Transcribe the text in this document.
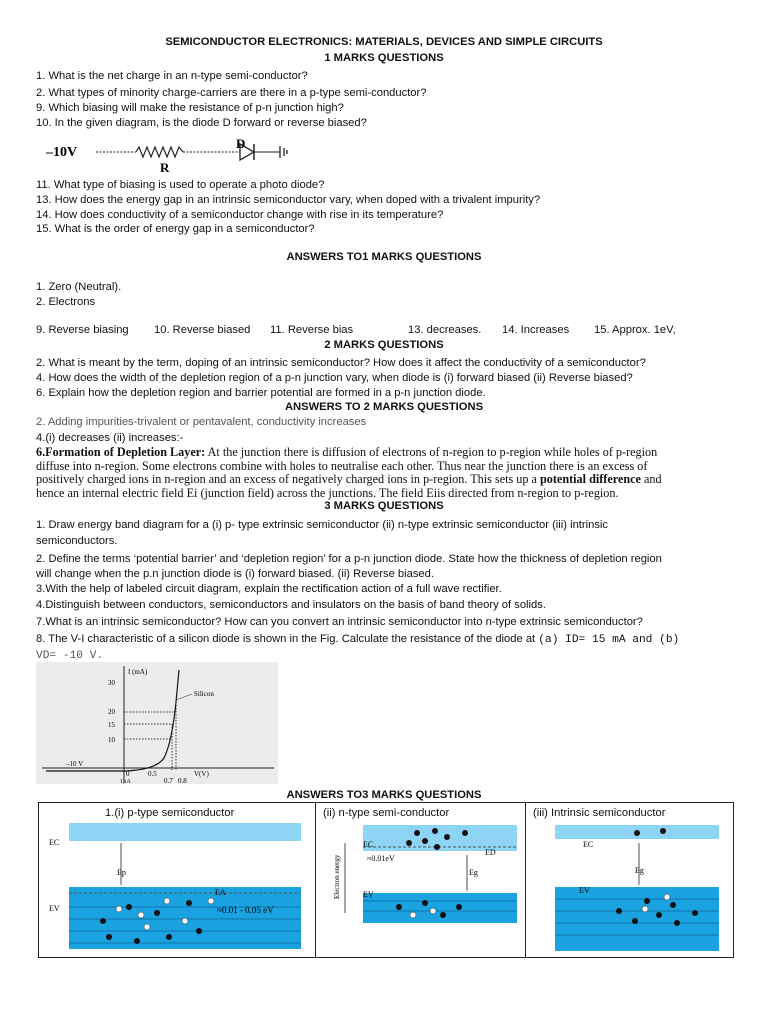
SEMICONDUCTOR ELECTRONICS: MATERIALS, DEVICES AND SIMPLE CIRCUITS
1 MARKS QUESTIONS
1. What is the net charge in an n-type semi-conductor?
2. What types of minority charge-carriers are there in a p-type semi-conductor?
9. Which biasing will make the resistance of p-n junction high?
10. In the given diagram, is the diode D forward or reverse biased?
–10V
R
D
11. What type of biasing is used to operate a photo diode?
13. How does the energy gap in an intrinsic semiconductor vary, when doped with a trivalent impurity?
14. How does conductivity of a semiconductor change with rise in its temperature?
15. What is the order of energy gap in a semiconductor?
ANSWERS TO1 MARKS QUESTIONS
1. Zero (Neutral).
2. Electrons
9. Reverse biasing 10. Reverse biased 11. Reverse bias	13. decreases. 14. Increases 15. Approx. 1eV,
2 MARKS QUESTIONS
2. What is meant by the term, doping of an intrinsic semiconductor? How does it affect the conductivity of a semiconductor?
4. How does the width of the depletion region of a p-n junction vary, when diode is (i) forward biased (ii) Reverse biased?
6. Explain how the depletion region and barrier potential are formed in a p-n junction diode.
ANSWERS TO 2 MARKS QUESTIONS
2. Adding impurities-trivalent or pentavalent, conductivity increases
4.(i) decreases (ii) increases:-
6.Formation of Depletion Layer: At the junction there is diffusion of electrons of n-region to p-region while holes of p-region
diffuse into n-region. Some electrons combine with holes to neutralise each other. Thus near the junction there is an excess of
positively charged ions in n-region and an excess of negatively charged ions in p-region. This sets up a potential difference and
hence an internal electric field Ei (junction field) across the junctions. The field Eiis directed from n-region to p-region.
3 MARKS QUESTIONS
1. Draw energy band diagram for a (i) p- type extrinsic semiconductor (ii) n-type extrinsic semiconductor (iii) intrinsic
semiconductors.
2. Define the terms ‘potential barrier’ and ‘depletion region’ for a p-n junction diode. State how the thickness of depletion region
will change when the p.n junction diode is (i) forward biased. (ii) Reverse biased.
3.With the help of labeled circuit diagram, explain the rectification action of a full wave rectifier.
4.Distinguish between conductors, semiconductors and insulators on the basis of band theory of solids.
7.What is an intrinsic semiconductor? How can you convert an intrinsic semiconductor into n-type extrinsic semiconductor?
8. The V-I characteristic of a silicon diode is shown in the Fig. Calculate the resistance of the diode at (a) ID= 15 mA and (b)
VD= -10 V.
I (mA)
30
20
15
10
Silicon
–10 V
0	0.5
0.7 0.8
V(V)
1µA
ANSWERS TO3 MARKS QUESTIONS
1.(i) p-type semiconductor
EC
Ep
EA
EV	≈0.01 - 0.05 eV
(ii) n-type semi-conductor
Electron energy
EC
ED
≈0.01eV
Eg
EV
(iii) Intrinsic semiconductor
EC
Eg
EV
